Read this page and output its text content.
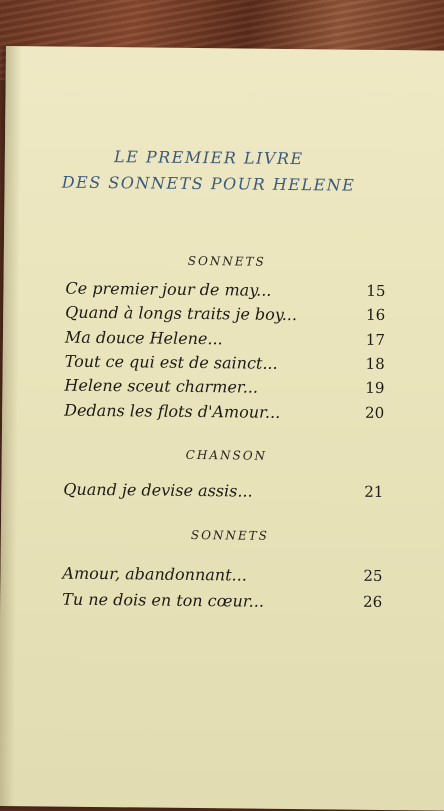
LE PREMIER LIVRE
DES SONNETS POUR HELENE
SONNETS
Ce premier jour de may...	15
Quand à longs traits je boy...	16
Ma douce Helene...	17
Tout ce qui est de sainct...	18
Helene sceut charmer...	19
Dedans les flots d'Amour...	20
CHANSON
Quand je devise assis...	21
SONNETS
Amour, abandonnant...	25
Tu ne dois en ton cœur...	26
